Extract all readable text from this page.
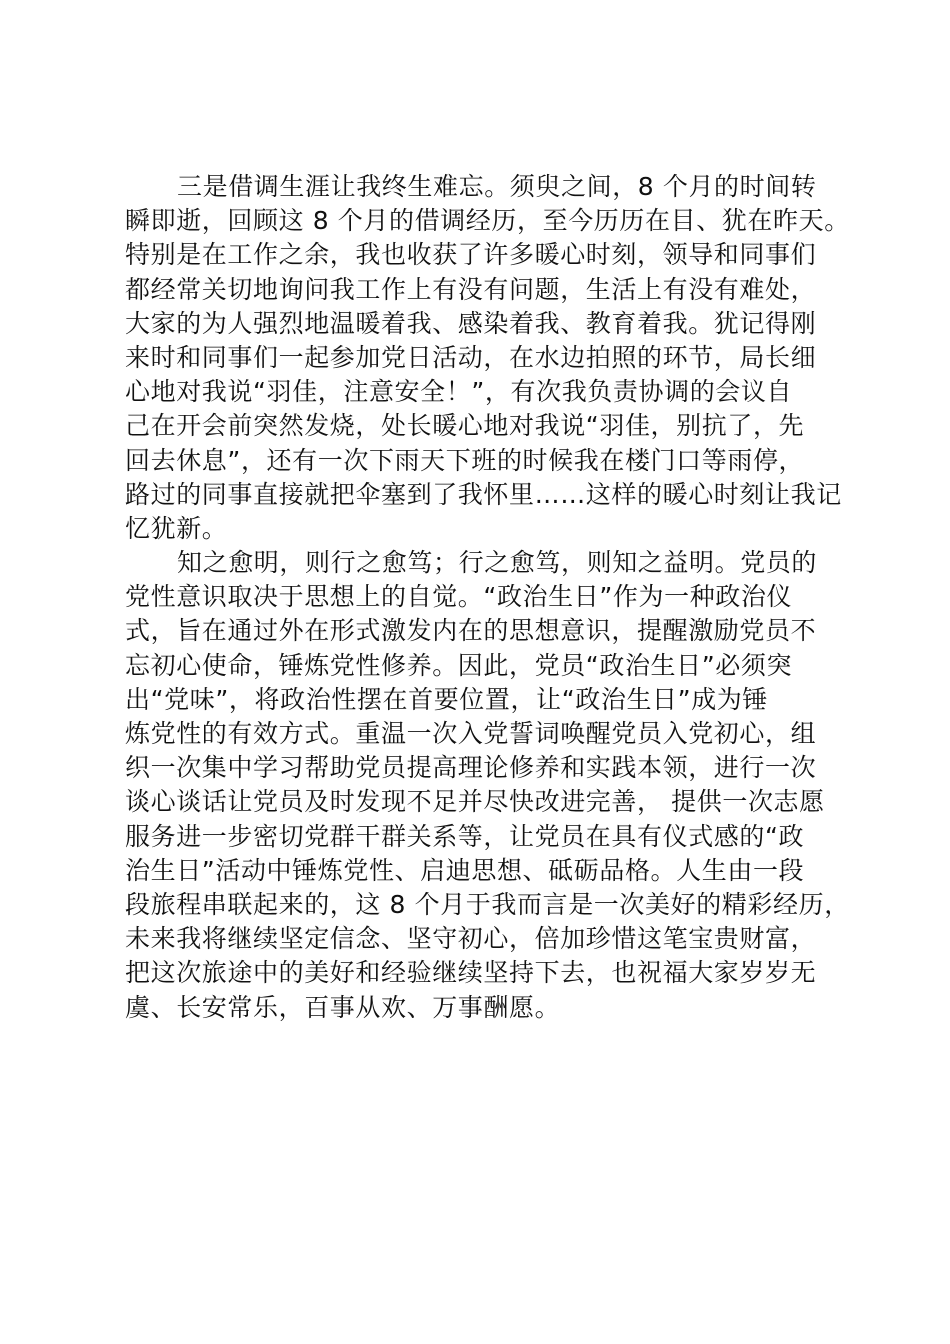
三是借调生涯让我终生难忘。须臾之间，8 个月的时间转
瞬即逝，回顾这 8 个月的借调经历，至今历历在目、犹在昨天。
特别是在工作之余，我也收获了许多暖心时刻，领导和同事们
都经常关切地询问我工作上有没有问题，生活上有没有难处，
大家的为人强烈地温暖着我、感染着我、教育着我。犹记得刚
来时和同事们一起参加党日活动，在水边拍照的环节，局长细
心地对我说“羽佳，注意安全！”，有次我负责协调的会议自
己在开会前突然发烧，处长暖心地对我说“羽佳，别抗了，先
回去休息”，还有一次下雨天下班的时候我在楼门口等雨停，
路过的同事直接就把伞塞到了我怀里……这样的暖心时刻让我记
忆犹新。
知之愈明，则行之愈笃；行之愈笃，则知之益明。党员的
党性意识取决于思想上的自觉。“政治生日”作为一种政治仪
式，旨在通过外在形式激发内在的思想意识，提醒激励党员不
忘初心使命，锤炼党性修养。因此，党员“政治生日”必须突
出“党味”，将政治性摆在首要位置，让“政治生日”成为锤
炼党性的有效方式。重温一次入党誓词唤醒党员入党初心，组
织一次集中学习帮助党员提高理论修养和实践本领，进行一次
谈心谈话让党员及时发现不足并尽快改进完善， 提供一次志愿
服务进一步密切党群干群关系等，让党员在具有仪式感的“政
治生日”活动中锤炼党性、启迪思想、砥砺品格。人生由一段
段旅程串联起来的，这 8 个月于我而言是一次美好的精彩经历，
未来我将继续坚定信念、坚守初心，倍加珍惜这笔宝贵财富，
把这次旅途中的美好和经验继续坚持下去，也祝福大家岁岁无
虞、长安常乐，百事从欢、万事酬愿。
